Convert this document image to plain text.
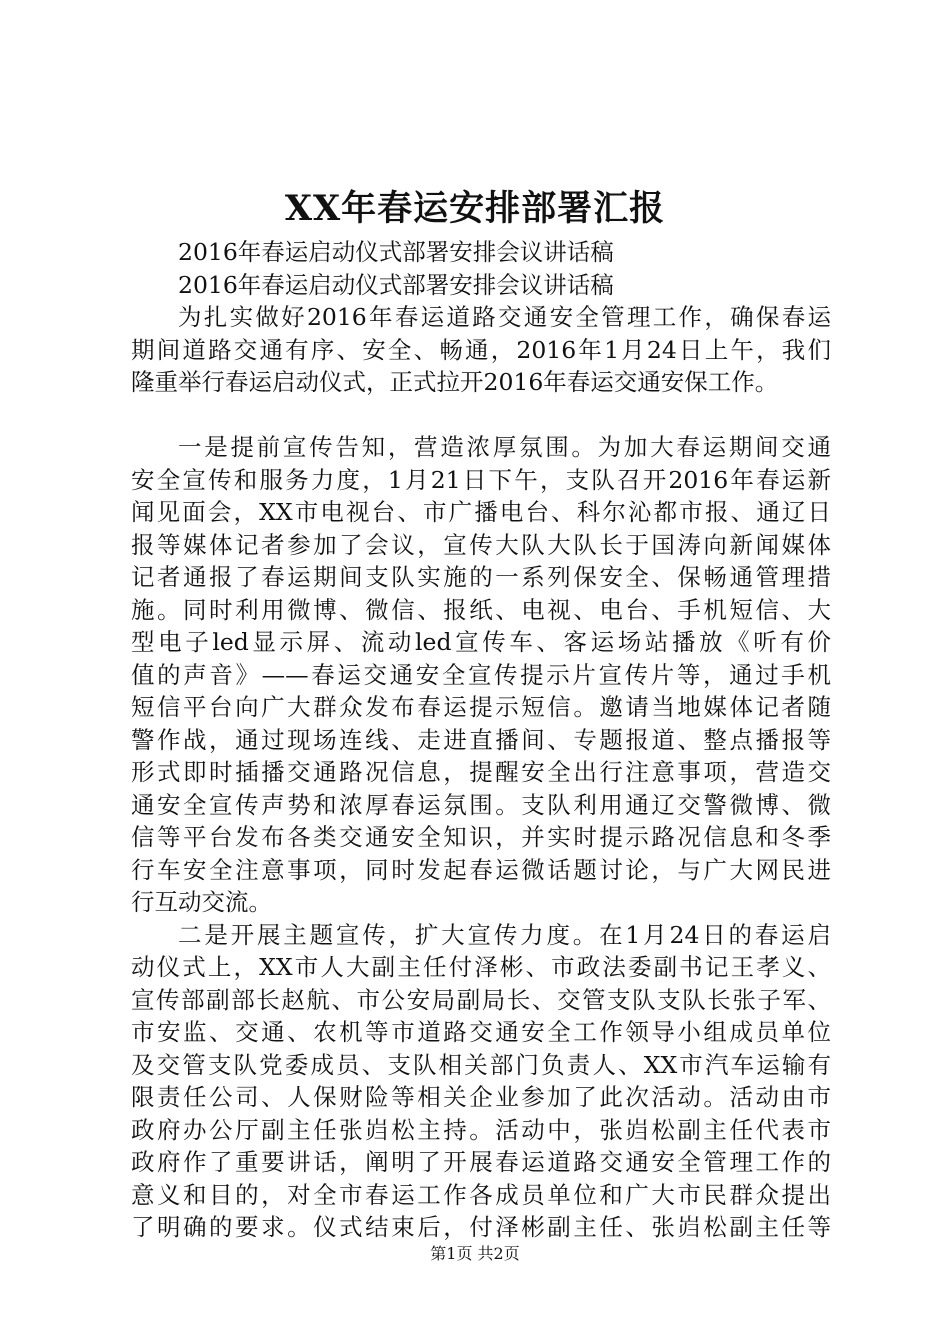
XX年春运安排部署汇报
2016年春运启动仪式部署安排会议讲话稿
2016年春运启动仪式部署安排会议讲话稿
为扎实做好2016年春运道路交通安全管理工作，确保春运
期间道路交通有序、安全、畅通，2016年1月24日上午，我们
隆重举行春运启动仪式，正式拉开2016年春运交通安保工作。
一是提前宣传告知，营造浓厚氛围。为加大春运期间交通
安全宣传和服务力度，1月21日下午，支队召开2016年春运新
闻见面会，XX市电视台、市广播电台、科尔沁都市报、通辽日
报等媒体记者参加了会议，宣传大队大队长于国涛向新闻媒体
记者通报了春运期间支队实施的一系列保安全、保畅通管理措
施。同时利用微博、微信、报纸、电视、电台、手机短信、大
型电子led显示屏、流动led宣传车、客运场站播放《听有价
值的声音》——春运交通安全宣传提示片宣传片等，通过手机
短信平台向广大群众发布春运提示短信。邀请当地媒体记者随
警作战，通过现场连线、走进直播间、专题报道、整点播报等
形式即时插播交通路况信息，提醒安全出行注意事项，营造交
通安全宣传声势和浓厚春运氛围。支队利用通辽交警微博、微
信等平台发布各类交通安全知识，并实时提示路况信息和冬季
行车安全注意事项，同时发起春运微话题讨论，与广大网民进
行互动交流。
二是开展主题宣传，扩大宣传力度。在1月24日的春运启
动仪式上，XX市人大副主任付泽彬、市政法委副书记王孝义、
宣传部副部长赵航、市公安局副局长、交管支队支队长张子军、
市安监、交通、农机等市道路交通安全工作领导小组成员单位
及交管支队党委成员、支队相关部门负责人、XX市汽车运输有
限责任公司、人保财险等相关企业参加了此次活动。活动由市
政府办公厅副主任张岿松主持。活动中，张岿松副主任代表市
政府作了重要讲话，阐明了开展春运道路交通安全管理工作的
意义和目的，对全市春运工作各成员单位和广大市民群众提出
了明确的要求。仪式结束后，付泽彬副主任、张岿松副主任等
第1页 共2页
